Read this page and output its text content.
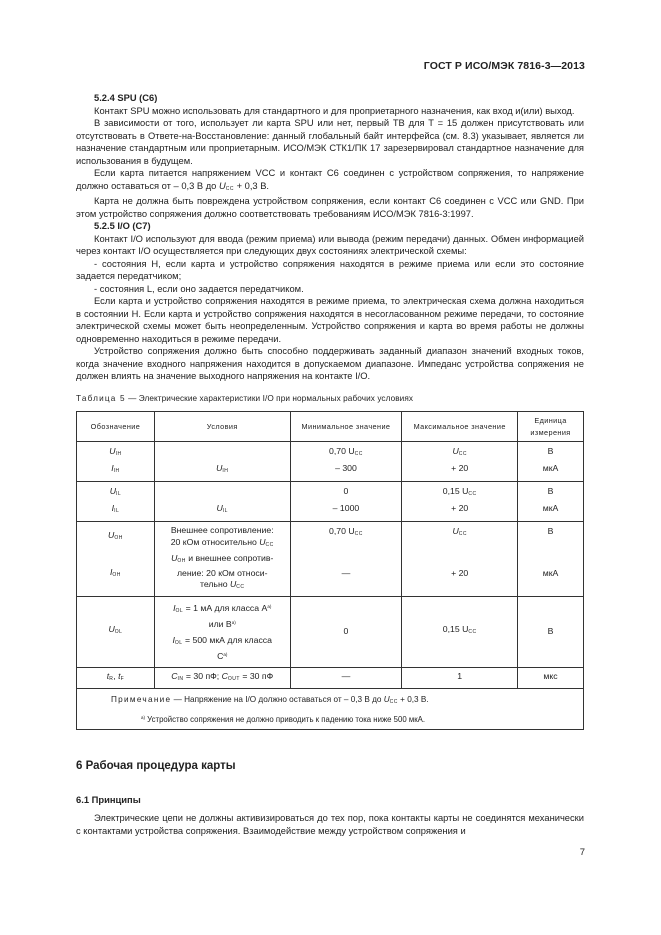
ГОСТ Р ИСО/МЭК 7816-3—2013

5.2.4 SPU (C6)

Контакт SPU можно использовать для стандартного и для проприетарного назначения, как вход и(или) выход.

В зависимости от того, использует ли карта SPU или нет, первый ТВ для T = 15 должен присутствовать или отсутствовать в Ответе-на-Восстановление: данный глобальный байт интерфейса (см. 8.3) указывает, является ли назначение стандартным или проприетарным. ИСО/МЭК СТК1/ПК 17 зарезервировал стандартное назначение для использования в будущем.

Если карта питается напряжением VCC и контакт C6 соединен с устройством сопряжения, то напряжение должно оставаться от – 0,3 В до $U_{CC} + 0,3$ В.

Карта не должна быть повреждена устройством сопряжения, если контакт C6 соединен с VCC или GND. При этом устройство сопряжения должно соответствовать требованиям ИСО/МЭК 7816-3:1997.

5.2.5 I/O (C7)

Контакт I/O используют для ввода (режим приема) или вывода (режим передачи) данных. Обмен информацией через контакт I/O осуществляется при следующих двух состояниях электрической схемы:

- состояния Н, если карта и устройство сопряжения находятся в режиме приема или если это состояние задается передатчиком;

- состояния L, если оно задается передатчиком.

Если карта и устройство сопряжения находятся в режиме приема, то электрическая схема должна находиться в состоянии Н. Если карта и устройство сопряжения находятся в несогласованном режиме передачи, то состояние электрической схемы может быть неопределенным. Устройство сопряжения и карта во время работы не должны одновременно находиться в режиме передачи.

Устройство сопряжения должно быть способно поддерживать заданный диапазон значений входных токов, когда значение входного напряжения находится в допускаемом диапазоне. Импеданс устройства сопряжения не должен влиять на значение выходного напряжения на контакте I/O.

Таблица 5 — Электрические характеристики I/O при нормальных рабочих условиях
Обозначение	Условия	Минимальное значение	Максимальное значение	Единица измерения
$U_{IH}$		0,70 $U_{CC}$	$U_{CC}$	В
$I_{IH}$	$U_{IH}$	– 300	+ 20	мкА
$U_{IL}$		0	0,15 $U_{CC}$	В
$I_{IL}$	$U_{IL}$	– 1000	+ 20	мкА
$U_{OH}$	Внешнее сопротивление:
20 кОм относительно $U_{CC}$	0,70 $U_{CC}$	$U_{CC}$	В
$I_{OH}$	$U_{OH}$ и внешнее сопротив-
ление: 20 кОм относи-
тельно $U_{CC}$	—	+ 20	мкА
$U_{OL}$	$I_{OL} = 1$ мА для класса $A^{a)}$
или $B^{a)}$

$I_{OL} = 500$ мкА для класса
$C^{a)}$	0	0,15 $U_{CC}$	В
$t_R$, $t_F$	$C_{IN} = 30$ пФ; $C_{OUT} = 30$ пФ	—	1	мкс
Примечание — Напряжение на I/O должно оставаться от – 0,3 В до $U_{CC} + 0,3$ В.
$^{a)}$ Устройство сопряжения не должно приводить к падению тока ниже 500 мкА.				
6 Рабочая процедура карты
6.1 Принципы
Электрические цепи не должны активизироваться до тех пор, пока контакты карты не соединятся механически с контактами устройства сопряжения. Взаимодействие между устройством сопряжения и
7
